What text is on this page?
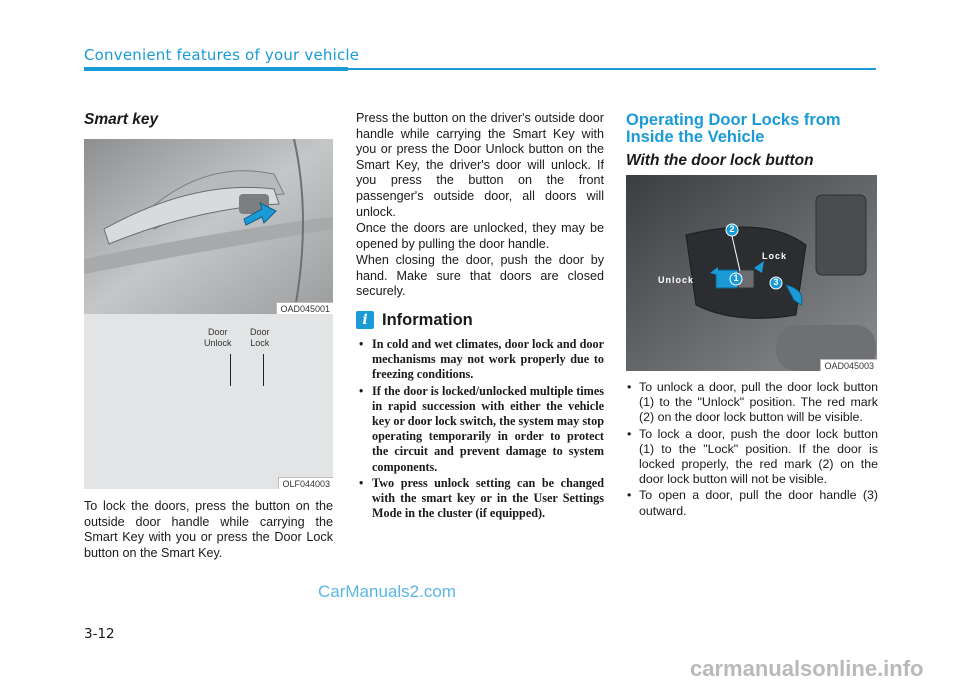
Convenient features of your vehicle
Smart key
OAD045001
Door
Unlock
Door
Lock
OLF044003

To lock the doors, press the button on the outside door handle while carrying the Smart Key with you or press the Door Lock button on the Smart Key.

Press the button on the driver's outside door handle while carrying the Smart Key with you or press the Door Unlock button on the Smart Key, the driver's door will unlock. If you press the button on the front passenger's outside door, all doors will unlock.

Once the doors are unlocked, they may be opened by pulling the door handle.

When closing the door, push the door by hand. Make sure that doors are closed securely.

i Information
• In cold and wet climates, door lock and door mechanisms may not work properly due to freezing conditions.
• If the door is locked/unlocked multiple times in rapid succession with either the vehicle key or door lock switch, the system may stop operating temporarily in order to protect the circuit and prevent damage to system components.
• Two press unlock setting can be changed with the smart key or in the User Settings Mode in the cluster (if equipped).
Operating Door Locks from Inside the Vehicle
With the door lock button
Unlock
Lock
2
1	3
OAD045003
• To unlock a door, pull the door lock button (1) to the "Unlock" position. The red mark (2) on the door lock button will be visible.
• To lock a door, push the door lock button (1) to the "Lock" position. If the door is locked properly, the red mark (2) on the door lock button will not be visible.
• To open a door, pull the door handle (3) outward.
3-12
CarManuals2.com
carmanualsonline.info
